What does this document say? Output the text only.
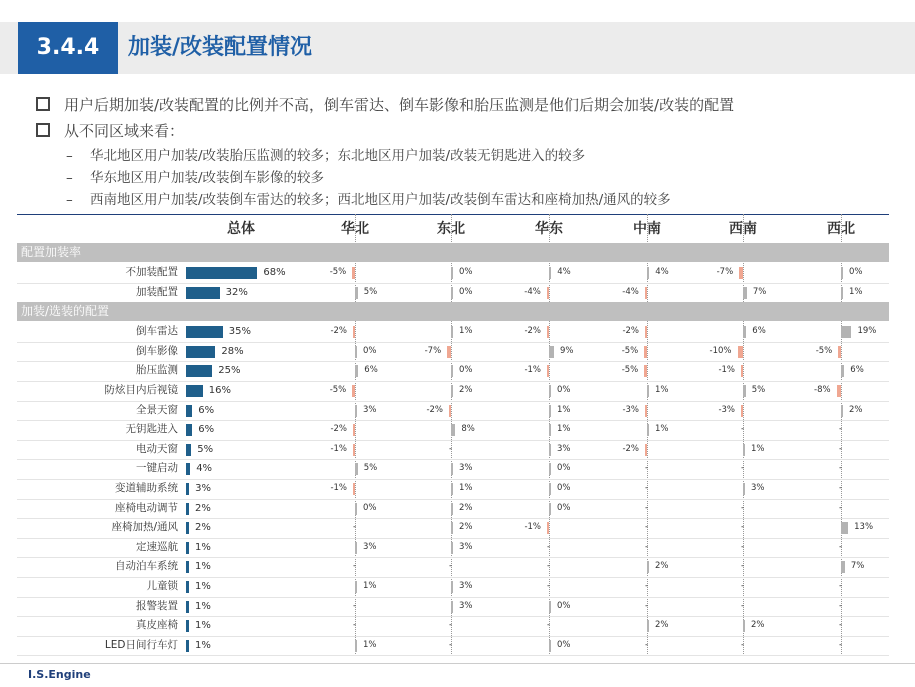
3.4.4	加装/改装配置情况
用户后期加装/改装配置的比例并不高，倒车雷达、倒车影像和胎压监测是他们后期会加装/改装的配置
从不同区域来看：
– 华北地区用户加装/改装胎压监测的较多；东北地区用户加装/改装无钥匙进入的较多
– 华东地区用户加装/改装倒车影像的较多
– 西南地区用户加装/改装倒车雷达的较多；西北地区用户加装/改装倒车雷达和座椅加热/通风的较多
总体	华北	东北	华东	中南	西南	西北
配置加装率
不加装配置	68%	-5%	0%	4%	4%	-7%	0%
加装配置	32%	5%	0%	-4%	-4%	7%	1%
加装/选装的配置
倒车雷达	35%	-2%	1%	-2%	-2%	6%	19%
倒车影像	28%	0%	-7%	9%	-5%	-10%	-5%
胎压监测	25%	6%	0%	-1%	-5%	-1%	6%
防炫目内后视镜	16%	-5%	2%	0%	1%	5%	-8%
全景天窗 6%	3%	-2%	1%	-3%	-3%	2%
无钥匙进入 6%	-2%	8%	1%	1%	-	-
电动天窗 5%	-1%	-	3%	-2%	1%	-
一键启动 4%	5%	3%	0%	-	-	-
变道辅助系统 3%	-1%	1%	0%	-	3%	-
座椅电动调节 2%	0%	2%	0%	-	-	-
座椅加热/通风 2%	-	2%	-1%	-	-	13%
定速巡航 1%	3%	3%	-	-	-	-
自动泊车系统 1%	-	-	-	2%	-	7%
儿童锁 1%	1%	3%	-	-	-	-
报警装置 1%	-	3%	0%	-	-	-
真皮座椅 1%	-	-	-	2%	2%	-
LED日间行车灯 1%	1%	-	0%	-	-	-
I.S.Engine
